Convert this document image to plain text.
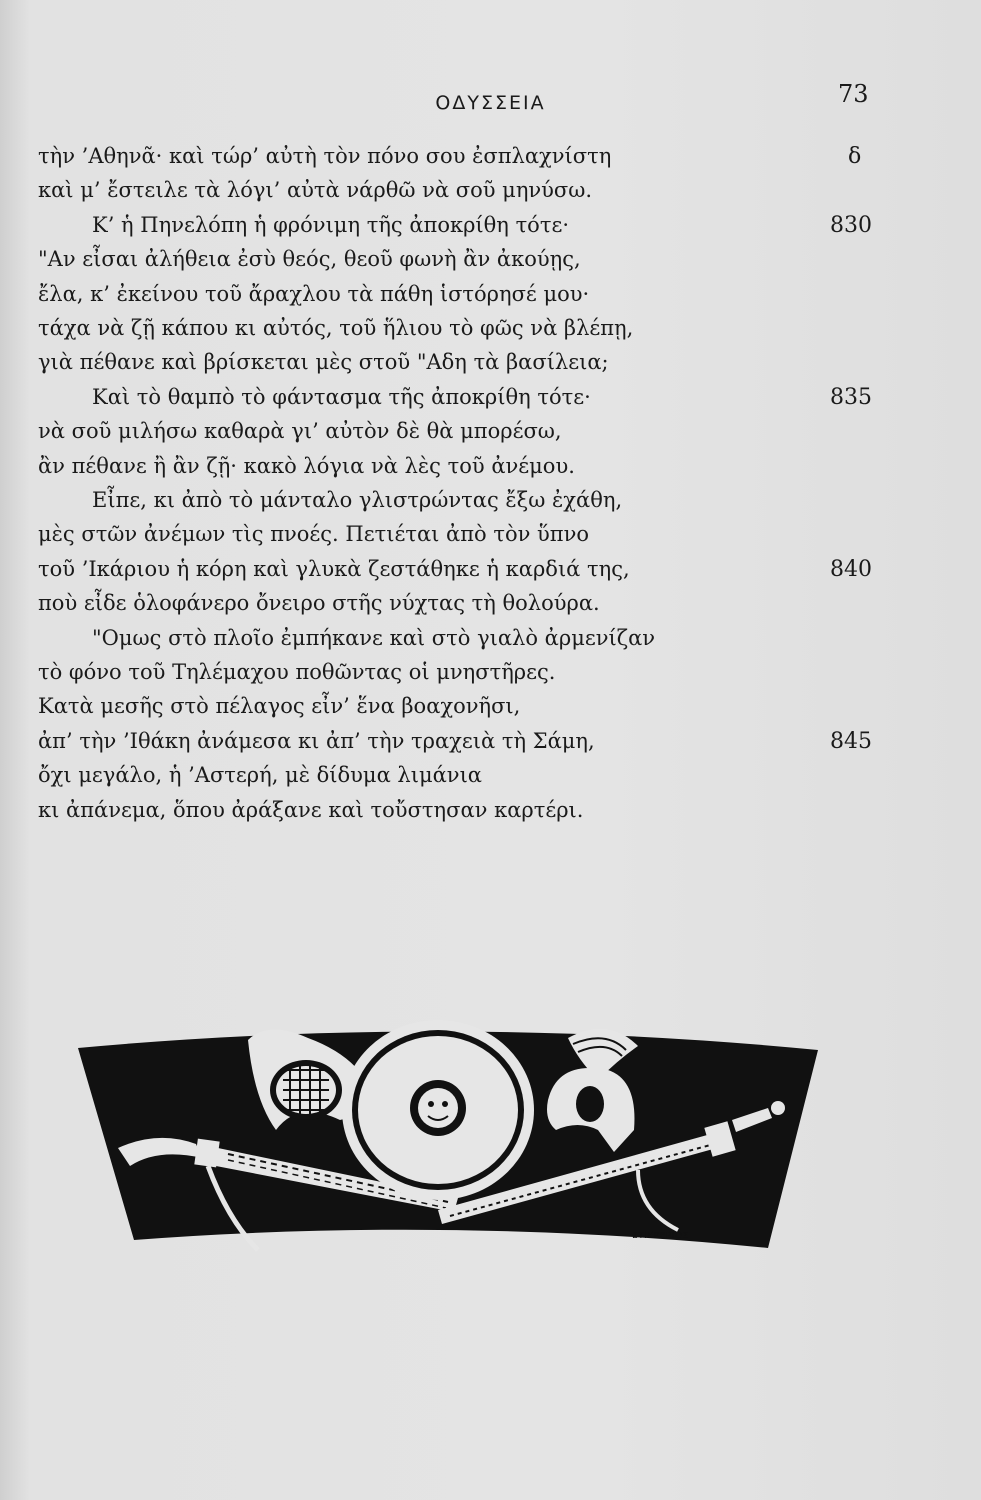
ΟΔΥΣΣΕΙΑ	73
τὴν ’Αθηνᾶ· καὶ τώρ’ αὐτὴ τὸν πόνο σου ἐσπλαχνίστη	δ
καὶ μ’ ἔστειλε τὰ λόγι’ αὐτὰ νάρθῶ νὰ σοῦ μηνύσω.
Κ’ ἡ Πηνελόπη ἡ φρόνιμη τῆς ἀποκρίθη τότε·	830
"Αν εἶσαι ἀλήθεια ἐσὺ θεός, θεοῦ φωνὴ ἂν ἀκούῃς,
ἔλα, κ’ ἐκείνου τοῦ ἄραχλου τὰ πάθη ἱστόρησέ μου·
τάχα νὰ ζῇ κάπου κι αὐτός, τοῦ ἥλιου τὸ φῶς νὰ βλέπῃ,
γιὰ πέθανε καὶ βρίσκεται μὲς στοῦ "Αδη τὰ βασίλεια;
Καὶ τὸ θαμπὸ τὸ φάντασμα τῆς ἀποκρίθη τότε·	835
νὰ σοῦ μιλήσω καθαρὰ γι’ αὐτὸν δὲ θὰ μπορέσω,
ἂν πέθανε ἢ ἂν ζῇ· κακὸ λόγια νὰ λὲς τοῦ ἀνέμου.
Εἶπε, κι ἀπὸ τὸ μάνταλο γλιστρώντας ἔξω ἐχάθη,
μὲς στῶν ἀνέμων τὶς πνοές. Πετιέται ἀπὸ τὸν ὕπνο
τοῦ ’Ικάριου ἡ κόρη καὶ γλυκὰ ζεστάθηκε ἡ καρδιά της,	840
ποὺ εἶδε ὁλοφάνερο ὄνειρο στῆς νύχτας τὴ θολούρα.
"Ομως στὸ πλοῖο ἐμπήκανε καὶ στὸ γιαλὸ ἀρμενίζαν
τὸ φόνο τοῦ Τηλέμαχου ποθῶντας οἱ μνηστῆρες.
Κατὰ μεσῆς στὸ πέλαγος εἶν’ ἕνα βοαχονῆσι,
ἀπ’ τὴν ’Ιθάκη ἀνάμεσα κι ἀπ’ τὴν τραχειὰ τὴ Σάμη,	845
ὄχι μεγάλο, ἡ ’Αστερή, μὲ δίδυμα λιμάνια
κι ἀπάνεμα, ὅπου ἀράξανε καὶ τοὔστησαν καρτέρι.
ΣΤΙΚΡΕΡΙΟΣ
